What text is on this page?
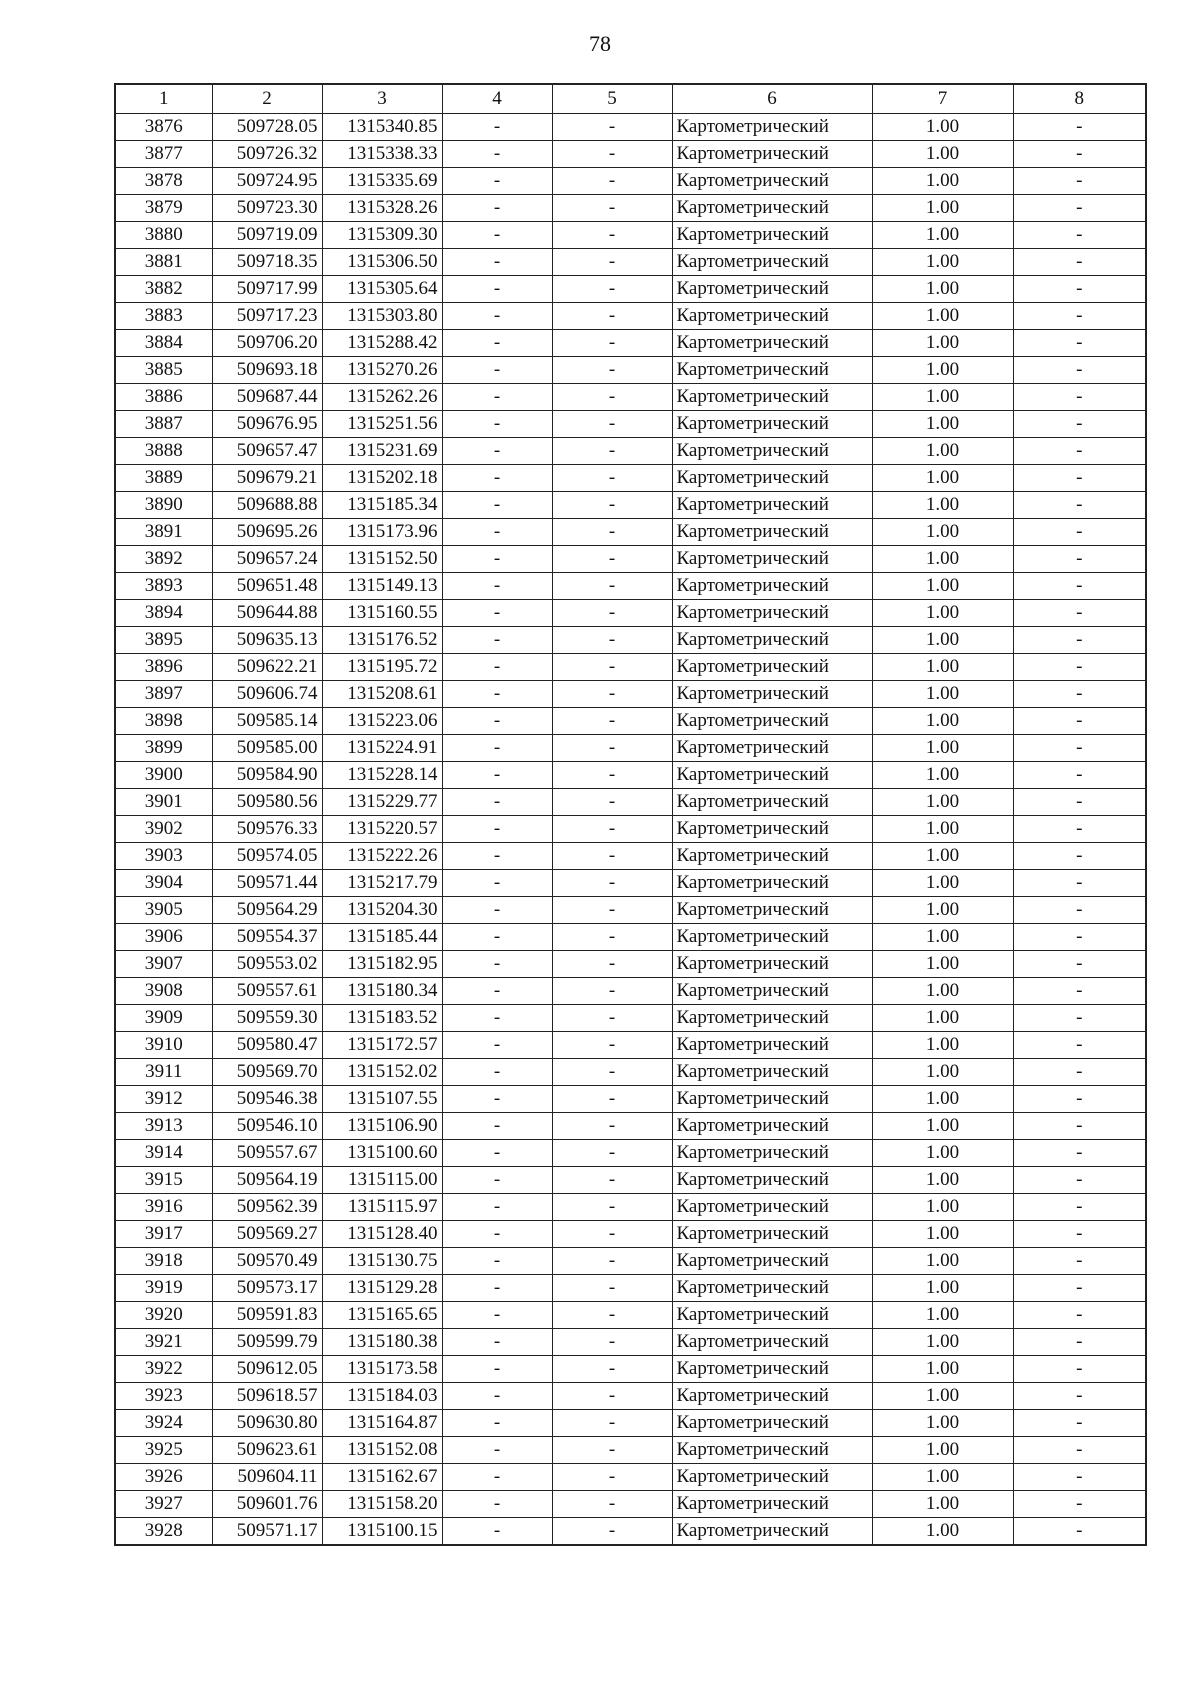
78
1	2	3	4	5	6	7	8
3876	509728.05	1315340.85	-	-	Картометрический	1.00	-
3877	509726.32	1315338.33	-	-	Картометрический	1.00	-
3878	509724.95	1315335.69	-	-	Картометрический	1.00	-
3879	509723.30	1315328.26	-	-	Картометрический	1.00	-
3880	509719.09	1315309.30	-	-	Картометрический	1.00	-
3881	509718.35	1315306.50	-	-	Картометрический	1.00	-
3882	509717.99	1315305.64	-	-	Картометрический	1.00	-
3883	509717.23	1315303.80	-	-	Картометрический	1.00	-
3884	509706.20	1315288.42	-	-	Картометрический	1.00	-
3885	509693.18	1315270.26	-	-	Картометрический	1.00	-
3886	509687.44	1315262.26	-	-	Картометрический	1.00	-
3887	509676.95	1315251.56	-	-	Картометрический	1.00	-
3888	509657.47	1315231.69	-	-	Картометрический	1.00	-
3889	509679.21	1315202.18	-	-	Картометрический	1.00	-
3890	509688.88	1315185.34	-	-	Картометрический	1.00	-
3891	509695.26	1315173.96	-	-	Картометрический	1.00	-
3892	509657.24	1315152.50	-	-	Картометрический	1.00	-
3893	509651.48	1315149.13	-	-	Картометрический	1.00	-
3894	509644.88	1315160.55	-	-	Картометрический	1.00	-
3895	509635.13	1315176.52	-	-	Картометрический	1.00	-
3896	509622.21	1315195.72	-	-	Картометрический	1.00	-
3897	509606.74	1315208.61	-	-	Картометрический	1.00	-
3898	509585.14	1315223.06	-	-	Картометрический	1.00	-
3899	509585.00	1315224.91	-	-	Картометрический	1.00	-
3900	509584.90	1315228.14	-	-	Картометрический	1.00	-
3901	509580.56	1315229.77	-	-	Картометрический	1.00	-
3902	509576.33	1315220.57	-	-	Картометрический	1.00	-
3903	509574.05	1315222.26	-	-	Картометрический	1.00	-
3904	509571.44	1315217.79	-	-	Картометрический	1.00	-
3905	509564.29	1315204.30	-	-	Картометрический	1.00	-
3906	509554.37	1315185.44	-	-	Картометрический	1.00	-
3907	509553.02	1315182.95	-	-	Картометрический	1.00	-
3908	509557.61	1315180.34	-	-	Картометрический	1.00	-
3909	509559.30	1315183.52	-	-	Картометрический	1.00	-
3910	509580.47	1315172.57	-	-	Картометрический	1.00	-
3911	509569.70	1315152.02	-	-	Картометрический	1.00	-
3912	509546.38	1315107.55	-	-	Картометрический	1.00	-
3913	509546.10	1315106.90	-	-	Картометрический	1.00	-
3914	509557.67	1315100.60	-	-	Картометрический	1.00	-
3915	509564.19	1315115.00	-	-	Картометрический	1.00	-
3916	509562.39	1315115.97	-	-	Картометрический	1.00	-
3917	509569.27	1315128.40	-	-	Картометрический	1.00	-
3918	509570.49	1315130.75	-	-	Картометрический	1.00	-
3919	509573.17	1315129.28	-	-	Картометрический	1.00	-
3920	509591.83	1315165.65	-	-	Картометрический	1.00	-
3921	509599.79	1315180.38	-	-	Картометрический	1.00	-
3922	509612.05	1315173.58	-	-	Картометрический	1.00	-
3923	509618.57	1315184.03	-	-	Картометрический	1.00	-
3924	509630.80	1315164.87	-	-	Картометрический	1.00	-
3925	509623.61	1315152.08	-	-	Картометрический	1.00	-
3926	509604.11	1315162.67	-	-	Картометрический	1.00	-
3927	509601.76	1315158.20	-	-	Картометрический	1.00	-
3928	509571.17	1315100.15	-	-	Картометрический	1.00	-
